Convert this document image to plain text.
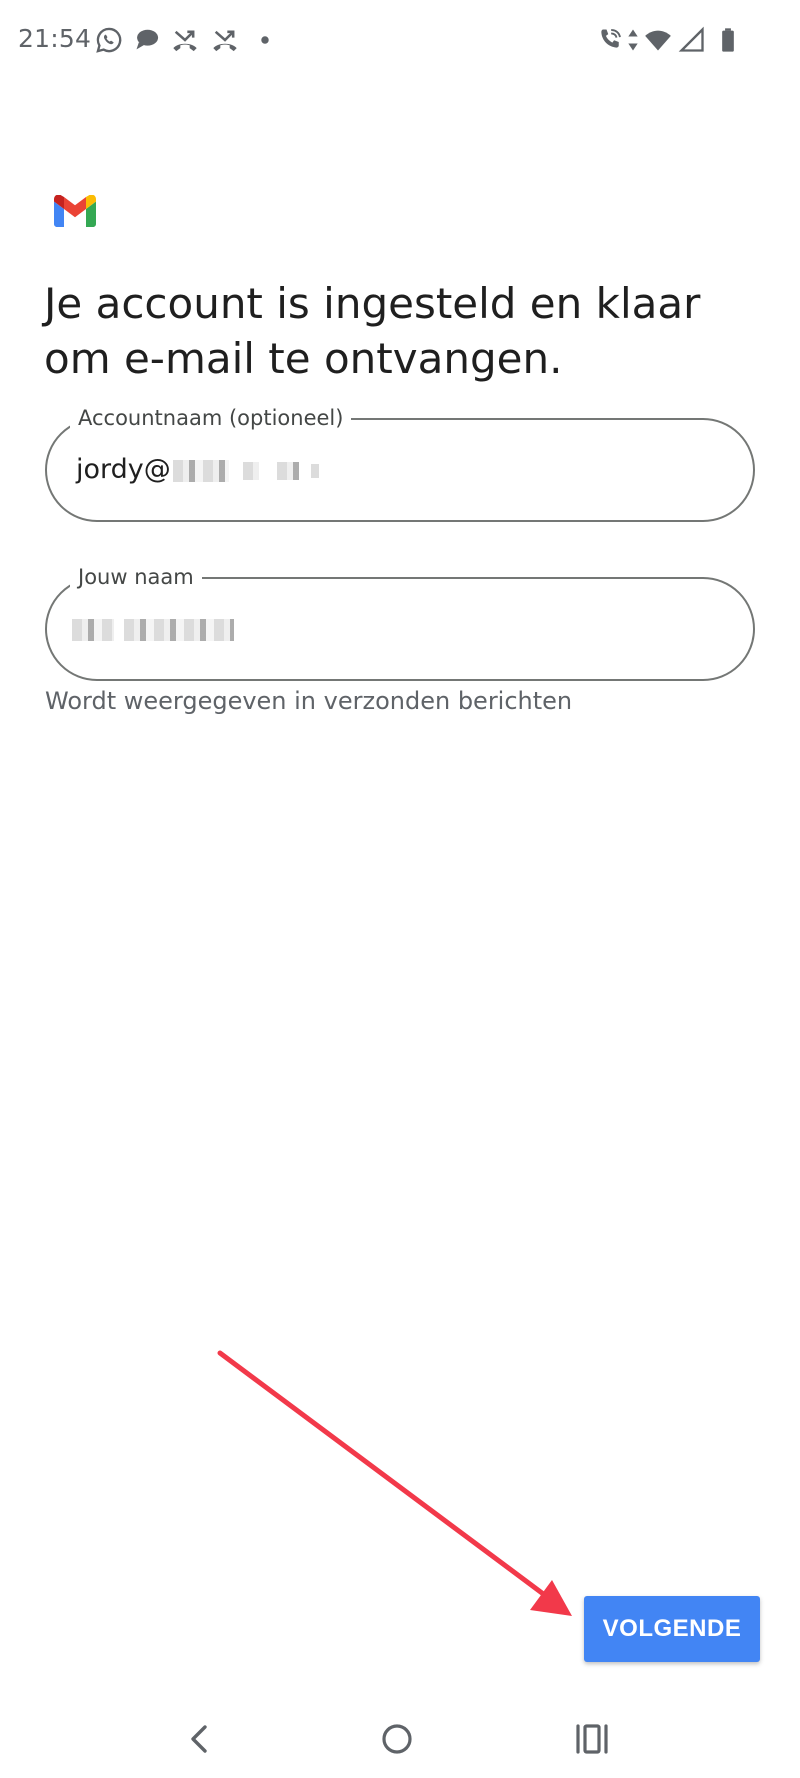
21:54
Je account is ingesteld en klaar om e-mail te ontvangen.
Accountnaam (optioneel)
jordy@
Jouw naam
Wordt weergegeven in verzonden berichten
VOLGENDE
